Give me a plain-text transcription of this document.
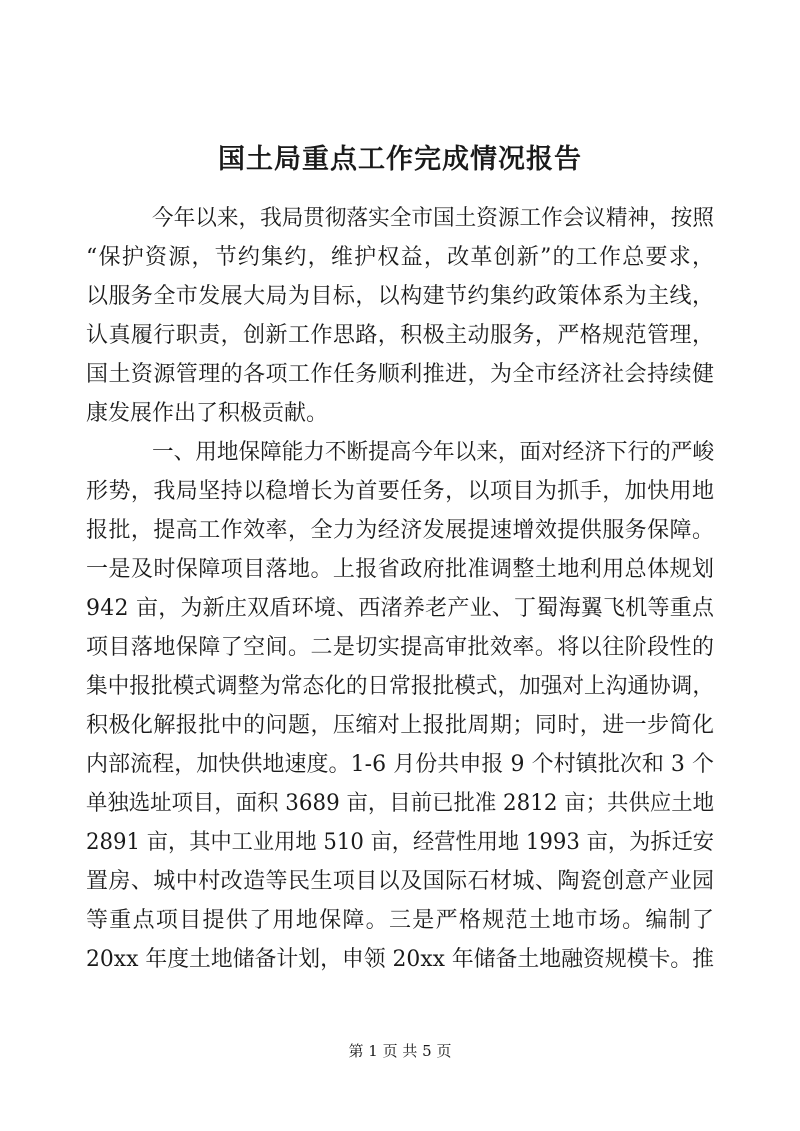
国土局重点工作完成情况报告
今年以来，我局贯彻落实全市国土资源工作会议精神，按照
“保护资源，节约集约，维护权益，改革创新”的工作总要求，
以服务全市发展大局为目标，以构建节约集约政策体系为主线，
认真履行职责，创新工作思路，积极主动服务，严格规范管理，
国土资源管理的各项工作任务顺利推进，为全市经济社会持续健
康发展作出了积极贡献。
一、用地保障能力不断提高今年以来，面对经济下行的严峻
形势，我局坚持以稳增长为首要任务，以项目为抓手，加快用地
报批，提高工作效率，全力为经济发展提速增效提供服务保障。
一是及时保障项目落地。上报省政府批准调整土地利用总体规划
942 亩，为新庄双盾环境、西渚养老产业、丁蜀海翼飞机等重点
项目落地保障了空间。二是切实提高审批效率。将以往阶段性的
集中报批模式调整为常态化的日常报批模式，加强对上沟通协调，
积极化解报批中的问题，压缩对上报批周期；同时，进一步简化
内部流程，加快供地速度。1-6 月份共申报 9 个村镇批次和 3 个
单独选址项目，面积 3689 亩，目前已批准 2812 亩；共供应土地
2891 亩，其中工业用地 510 亩，经营性用地 1993 亩，为拆迁安
置房、城中村改造等民生项目以及国际石材城、陶瓷创意产业园
等重点项目提供了用地保障。三是严格规范土地市场。编制了
20xx 年度土地储备计划，申领 20xx 年储备土地融资规模卡。推
第 1 页 共 5 页
